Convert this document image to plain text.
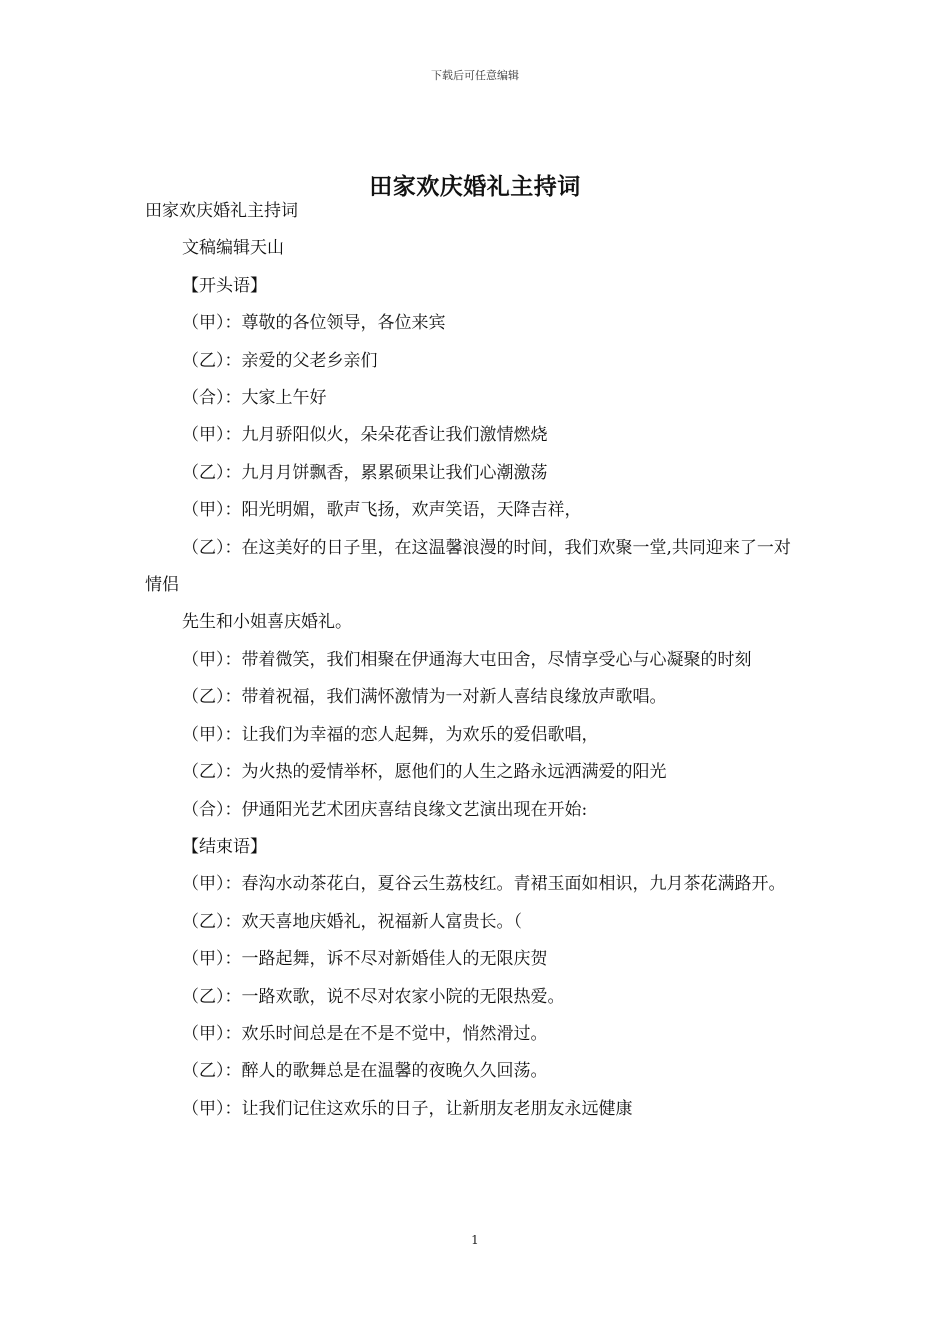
下载后可任意编辑
田家欢庆婚礼主持词

田家欢庆婚礼主持词

文稿编辑天山

【开头语】

（甲）：尊敬的各位领导，各位来宾

（乙）：亲爱的父老乡亲们

（合）：大家上午好

（甲）：九月骄阳似火，朵朵花香让我们激情燃烧

（乙）：九月月饼飘香，累累硕果让我们心潮激荡

（甲）：阳光明媚，歌声飞扬，欢声笑语，天降吉祥，

（乙）：在这美好的日子里，在这温馨浪漫的时间，我们欢聚一堂,共同迎来了一对情侣

先生和小姐喜庆婚礼。

（甲）：带着微笑，我们相聚在伊通海大屯田舍，尽情享受心与心凝聚的时刻

（乙）：带着祝福，我们满怀激情为一对新人喜结良缘放声歌唱。

（甲）：让我们为幸福的恋人起舞，为欢乐的爱侣歌唱，

（乙）：为火热的爱情举杯，愿他们的人生之路永远洒满爱的阳光

（合）：伊通阳光艺术团庆喜结良缘文艺演出现在开始:

【结束语】

（甲）：春沟水动茶花白，夏谷云生荔枝红。青裙玉面如相识，九月茶花满路开。

（乙）：欢天喜地庆婚礼，祝福新人富贵长。（

（甲）：一路起舞，诉不尽对新婚佳人的无限庆贺

（乙）：一路欢歌，说不尽对农家小院的无限热爱。

（甲）：欢乐时间总是在不是不觉中，悄然滑过。

（乙）：醉人的歌舞总是在温馨的夜晚久久回荡。

（甲）：让我们记住这欢乐的日子，让新朋友老朋友永远健康

1
